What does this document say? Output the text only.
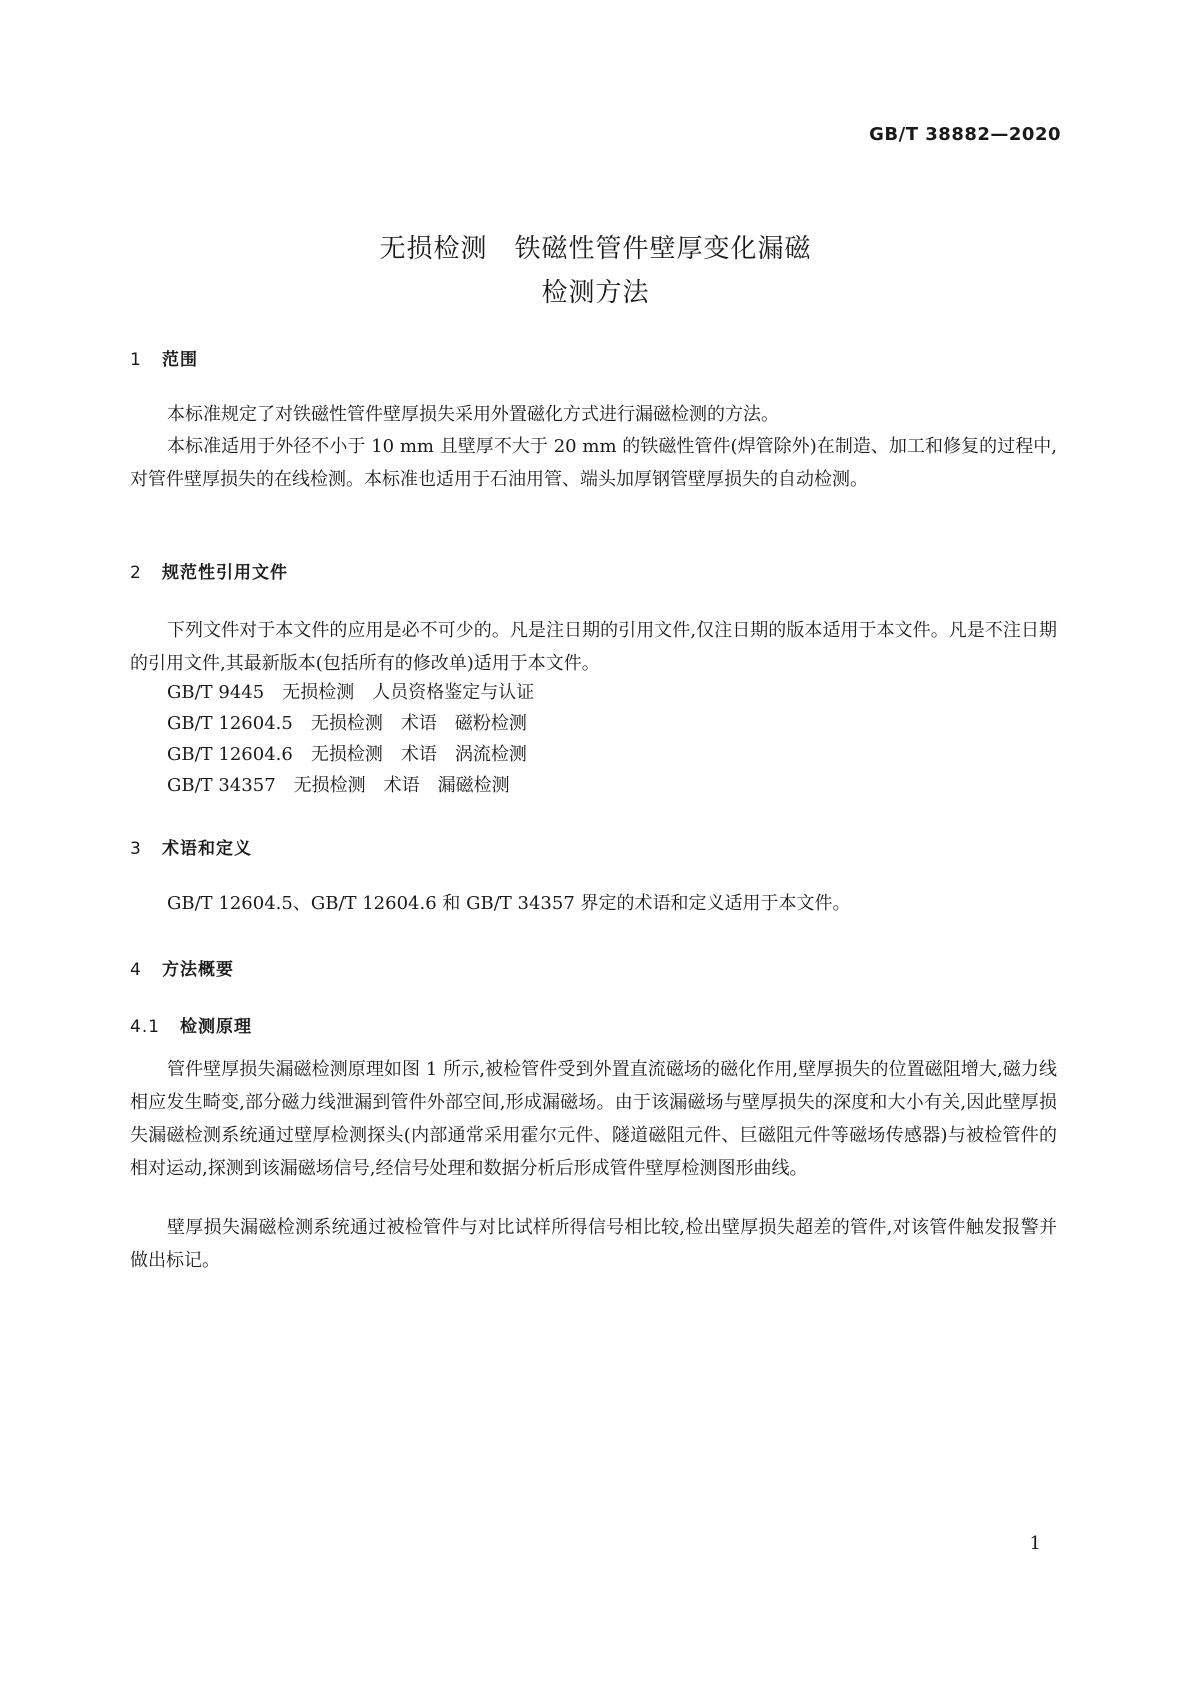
GB/T 38882—2020
无损检测　铁磁性管件壁厚变化漏磁
检测方法
1 范围

本标准规定了对铁磁性管件壁厚损失采用外置磁化方式进行漏磁检测的方法。

本标准适用于外径不小于 10 mm 且壁厚不大于 20 mm 的铁磁性管件(焊管除外)在制造、加工和修复的过程中,对管件壁厚损失的在线检测。本标准也适用于石油用管、端头加厚钢管壁厚损失的自动检测。

2 规范性引用文件

下列文件对于本文件的应用是必不可少的。凡是注日期的引用文件,仅注日期的版本适用于本文件。凡是不注日期的引用文件,其最新版本(包括所有的修改单)适用于本文件。

GB/T 9445　无损检测　人员资格鉴定与认证
GB/T 12604.5　无损检测　术语　磁粉检测
GB/T 12604.6　无损检测　术语　涡流检测
GB/T 34357　无损检测　术语　漏磁检测
3 术语和定义

GB/T 12604.5、GB/T 12604.6 和 GB/T 34357 界定的术语和定义适用于本文件。

4 方法概要
4.1 检测原理

管件壁厚损失漏磁检测原理如图 1 所示,被检管件受到外置直流磁场的磁化作用,壁厚损失的位置磁阻增大,磁力线相应发生畸变,部分磁力线泄漏到管件外部空间,形成漏磁场。由于该漏磁场与壁厚损失的深度和大小有关,因此壁厚损失漏磁检测系统通过壁厚检测探头(内部通常采用霍尔元件、隧道磁阻元件、巨磁阻元件等磁场传感器)与被检管件的相对运动,探测到该漏磁场信号,经信号处理和数据分析后形成管件壁厚检测图形曲线。

壁厚损失漏磁检测系统通过被检管件与对比试样所得信号相比较,检出壁厚损失超差的管件,对该管件触发报警并做出标记。

1
